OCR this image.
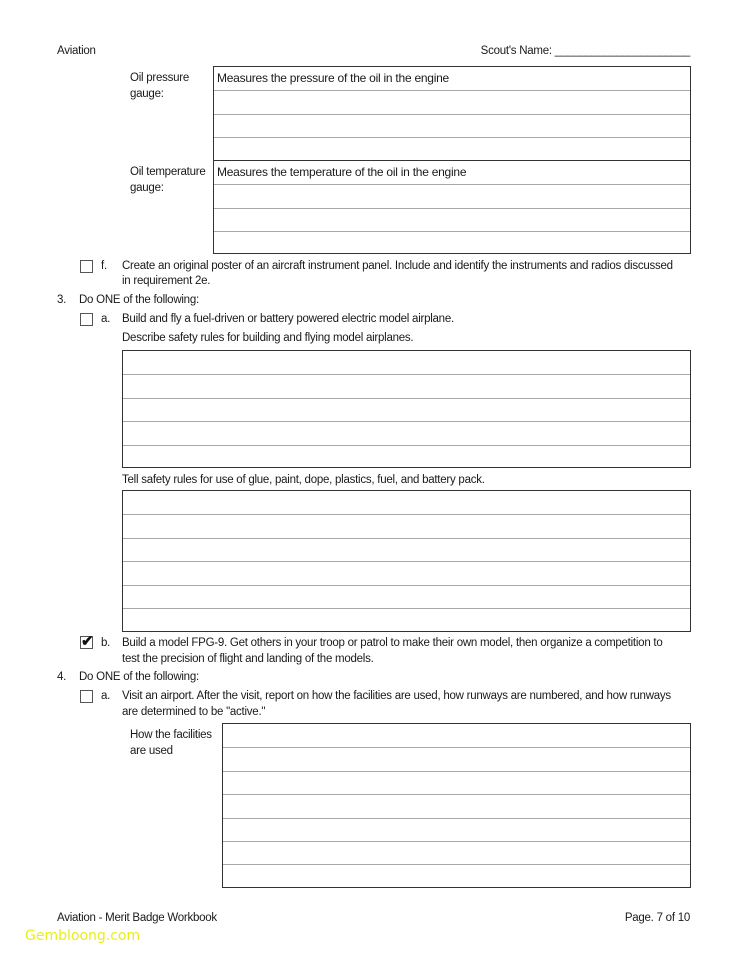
Aviation	Scout's Name: ______________________
Oil pressure
gauge:
Measures the pressure of the oil in the engine
Oil temperature
gauge:
Measures the temperature of the oil in the engine
f. Create an original poster of an aircraft instrument panel. Include and identify the instruments and radios discussed
in requirement 2e.
3. Do ONE of the following:
a. Build and fly a fuel-driven or battery powered electric model airplane.
Describe safety rules for building and flying model airplanes.
Tell safety rules for use of glue, paint, dope, plastics, fuel, and battery pack.
✔ b. Build a model FPG-9. Get others in your troop or patrol to make their own model, then organize a competition to
test the precision of flight and landing of the models.
4. Do ONE of the following:
a. Visit an airport. After the visit, report on how the facilities are used, how runways are numbered, and how runways
are determined to be "active."
How the facilities
are used
Aviation - Merit Badge Workbook	Page. 7 of 10
Gembloong.com
